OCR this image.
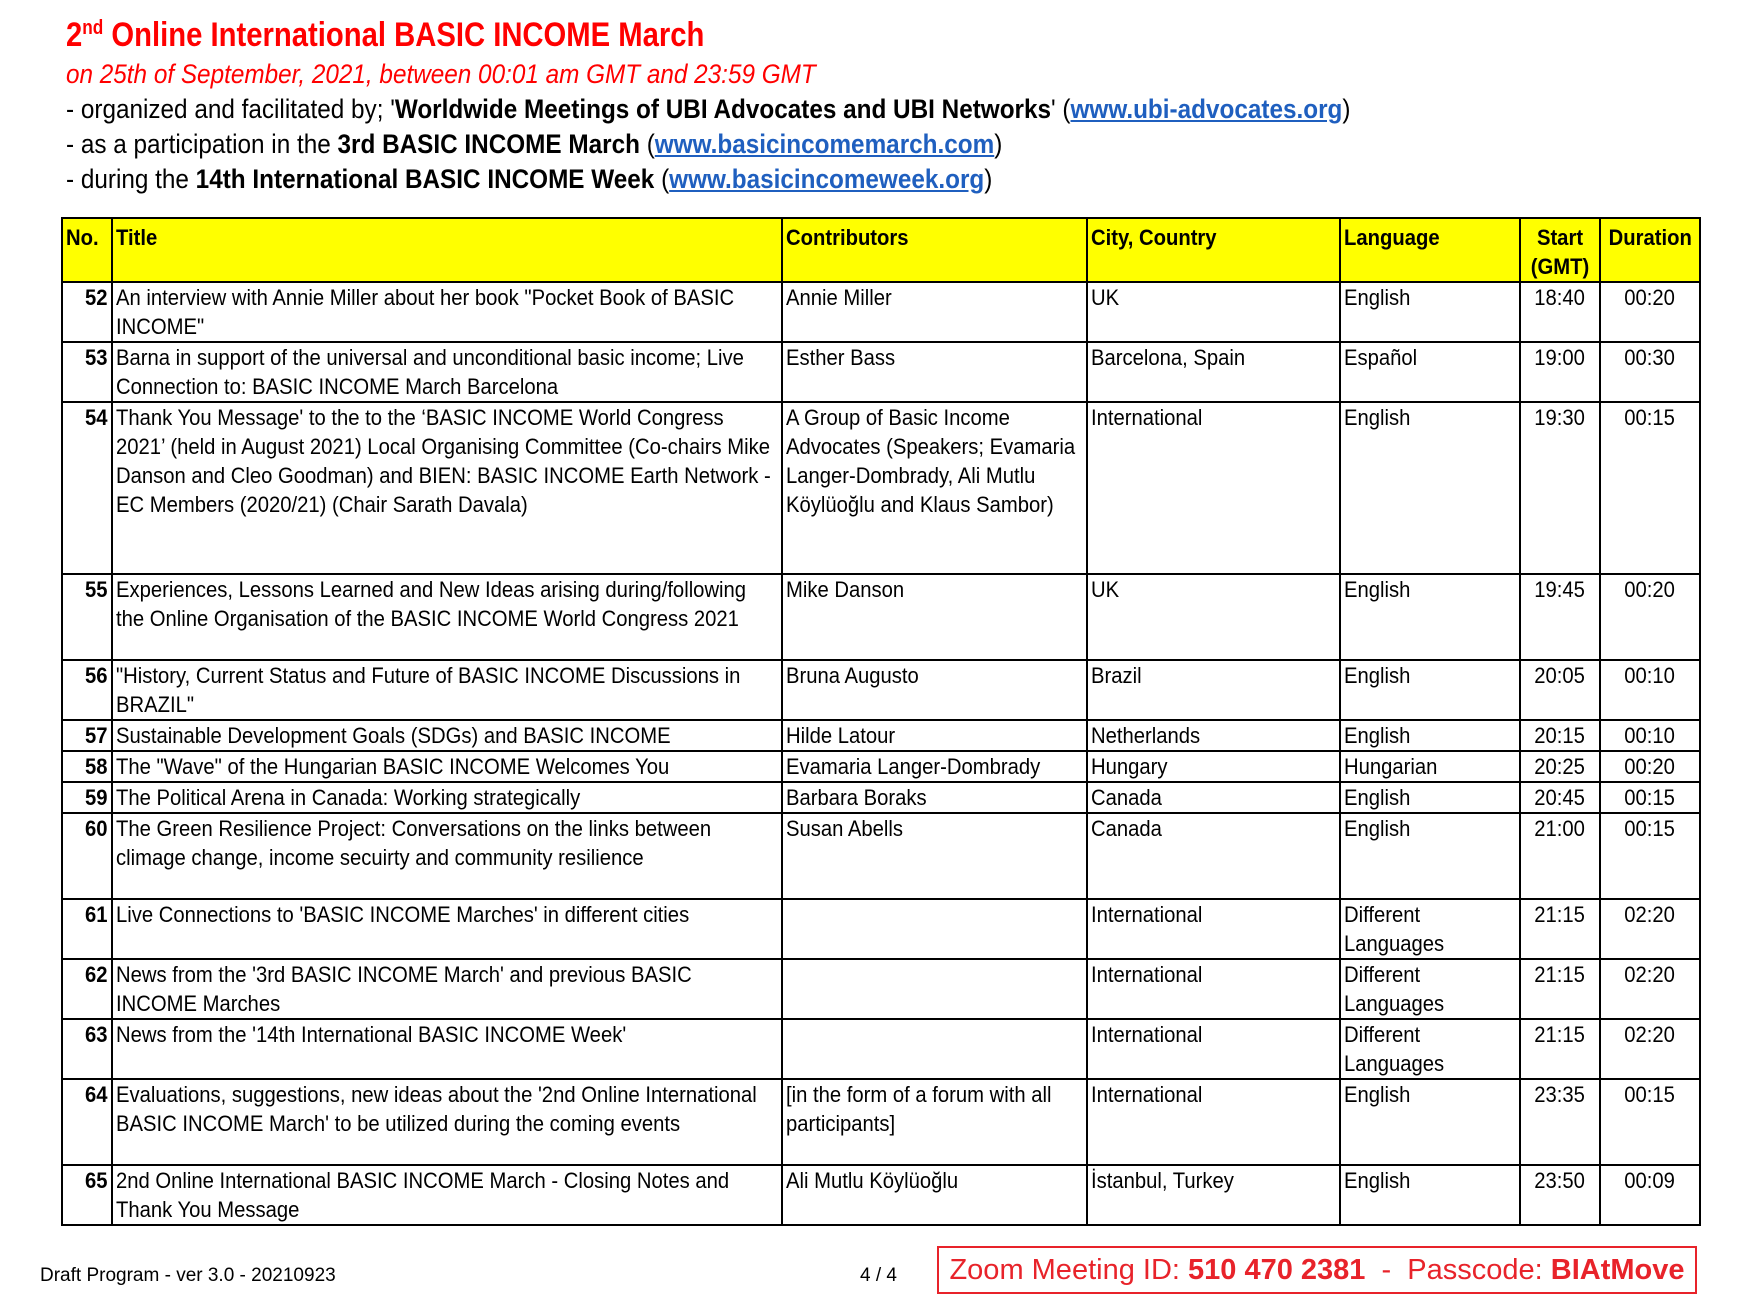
2nd Online International BASIC INCOME March
on 25th of September, 2021, between 00:01 am GMT and 23:59 GMT
- organized and facilitated by; 'Worldwide Meetings of UBI Advocates and UBI Networks' (www.ubi-advocates.org)
- as a participation in the 3rd BASIC INCOME March (www.basicincomemarch.com)
- during the 14th International BASIC INCOME Week (www.basicincomeweek.org)
No.	Title	Contributors	City, Country	Language	Start (GMT)	Duration
52	An interview with Annie Miller about her book "Pocket Book of BASIC INCOME"	Annie Miller	UK	English	18:40	00:20
53	Barna in support of the universal and unconditional basic income; Live Connection to: BASIC INCOME March Barcelona	Esther Bass	Barcelona, Spain	Español	19:00	00:30
54	Thank You Message' to the to the ‘BASIC INCOME World Congress 2021’ (held in August 2021) Local Organising Committee (Co-chairs Mike Danson and Cleo Goodman) and BIEN: BASIC INCOME Earth Network - EC Members (2020/21) (Chair Sarath Davala)	A Group of Basic Income Advocates (Speakers; Evamaria Langer-Dombrady, Ali Mutlu Köylüoğlu and Klaus Sambor)	International	English	19:30	00:15
55	Experiences, Lessons Learned and New Ideas arising during/following the Online Organisation of the BASIC INCOME World Congress 2021	Mike Danson	UK	English	19:45	00:20
56	"History, Current Status and Future of BASIC INCOME Discussions in BRAZIL"	Bruna Augusto	Brazil	English	20:05	00:10
57	Sustainable Development Goals (SDGs) and BASIC INCOME	Hilde Latour	Netherlands	English	20:15	00:10
58	The "Wave" of the Hungarian BASIC INCOME Welcomes You	Evamaria Langer-Dombrady	Hungary	Hungarian	20:25	00:20
59	The Political Arena in Canada: Working strategically	Barbara Boraks	Canada	English	20:45	00:15
60	The Green Resilience Project: Conversations on the links between climage change, income secuirty and community resilience	Susan Abells	Canada	English	21:00	00:15
61	Live Connections to 'BASIC INCOME Marches' in different cities		International	Different Languages	21:15	02:20
62	News from the '3rd BASIC INCOME March' and previous BASIC INCOME Marches		International	Different Languages	21:15	02:20
63	News from the '14th International BASIC INCOME Week'		International	Different Languages	21:15	02:20
64	Evaluations, suggestions, new ideas about the '2nd Online International BASIC INCOME March' to be utilized during the coming events	[in the form of a forum with all participants]	International	English	23:35	00:15
65	2nd Online International BASIC INCOME March - Closing Notes and Thank You Message	Ali Mutlu Köylüoğlu	İstanbul, Turkey	English	23:50	00:09
Draft Program - ver 3.0 - 20210923	4 / 4	Zoom Meeting ID: 510 470 2381  -  Passcode: BIAtMove
